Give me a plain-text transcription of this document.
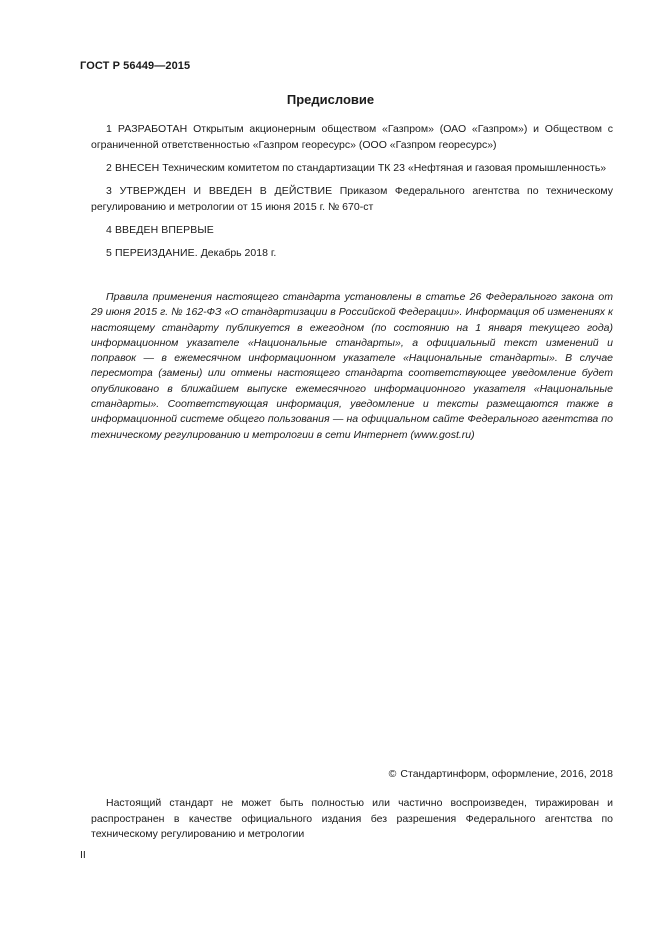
ГОСТ Р 56449—2015
Предисловие

1 РАЗРАБОТАН Открытым акционерным обществом «Газпром» (ОАО «Газпром») и Обществом с ограниченной ответственностью «Газпром георесурс» (ООО «Газпром георесурс»)

2 ВНЕСЕН Техническим комитетом по стандартизации ТК 23 «Нефтяная и газовая промышленность»

3 УТВЕРЖДЕН И ВВЕДЕН В ДЕЙСТВИЕ Приказом Федерального агентства по техническому регулированию и метрологии от 15 июня 2015 г. № 670-ст

4 ВВЕДЕН ВПЕРВЫЕ

5 ПЕРЕИЗДАНИЕ. Декабрь 2018 г.

Правила применения настоящего стандарта установлены в статье 26 Федерального закона от 29 июня 2015 г. № 162-ФЗ «О стандартизации в Российской Федерации». Информация об изменениях к настоящему стандарту публикуется в ежегодном (по состоянию на 1 января текущего года) информационном указателе «Национальные стандарты», а официальный текст изменений и поправок — в ежемесячном информационном указателе «Национальные стандарты». В случае пересмотра (замены) или отмены настоящего стандарта соответствующее уведомление будет опубликовано в ближайшем выпуске ежемесячного информационного указателя «Национальные стандарты». Соответствующая информация, уведомление и тексты размещаются также в информационной системе общего пользования — на официальном сайте Федерального агентства по техническому регулированию и метрологии в сети Интернет (www.gost.ru)

© Стандартинформ, оформление, 2016, 2018

Настоящий стандарт не может быть полностью или частично воспроизведен, тиражирован и распространен в качестве официального издания без разрешения Федерального агентства по техническому регулированию и метрологии

II
